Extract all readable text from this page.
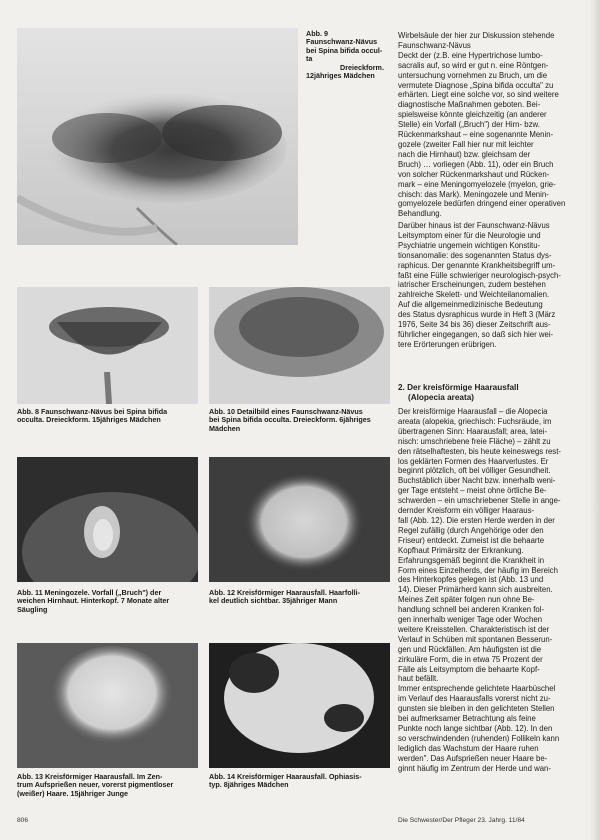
Abb. 9
Faunschwanz-Nävus
bei Spina bifida occul-
ta
Dreieckform.
12jähriges Mädchen
Abb. 8 Faunschwanz-Nävus bei Spina bifida
occulta. Dreieckform. 15jähriges Mädchen
Abb. 10 Detailbild eines Faunschwanz-Nävus
bei Spina bifida occulta. Dreieckform. 6jähriges
Mädchen
Abb. 11 Meningozele. Vorfall („Bruch") der
weichen Hirnhaut. Hinterkopf. 7 Monate alter
Säugling
Abb. 12 Kreisförmiger Haarausfall. Haarfolli-
kel deutlich sichtbar. 35jähriger Mann
Abb. 13 Kreisförmiger Haarausfall. Im Zen-
trum Aufsprießen neuer, vorerst pigmentloser
(weißer) Haare. 15jähriger Junge
Abb. 14 Kreisförmiger Haarausfall. Ophiasis-
typ. 8jähriges Mädchen
Wirbelsäule der hier zur Diskussion stehende
Faunschwanz-Nävus
Deckt der (z.B. eine Hypertrichose lumbo-
sacralis auf, so wird er gut n. eine Röntgen-
untersuchung vornehmen zu Bruch, um die
vermutete Diagnose „Spina bifida occulta" zu
erhärten. Liegt eine solche vor, so sind weitere
diagnostische Maßnahmen geboten. Bei-
spielsweise könnte gleichzeitig (an anderer
Stelle) ein Vorfall („Bruch") der Hirn- bzw.
Rückenmarkshaut – eine sogenannte Menin-
gozele (zweiter Fall hier nur mit leichter
nach die Hirnhaut) bzw. gleichsam der
Bruch) … vorliegen (Abb. 11), oder ein Bruch
von solcher Rückenmarkshaut und Rücken-
mark – eine Meningomyelozele (myelon, grie-
chisch: das Mark). Meningozele und Menin-
gomyelozele bedürfen dringend einer operativen
Behandlung.
Darüber hinaus ist der Faunschwanz-Nävus
Leitsymptom einer für die Neurologie und
Psychiatrie ungemein wichtigen Konstitu-
tionsanomalie: des sogenannten Status dys-
raphicus. Der genannte Krankheitsbegriff um-
faßt eine Fülle schwieriger neurologisch-psych-
iatrischer Erscheinungen, zudem bestehen
zahlreiche Skelett- und Weichteilanomalien.
Auf die allgemeinmedizinische Bedeutung
des Status dysraphicus wurde in Heft 3 (März
1976, Seite 34 bis 36) dieser Zeitschrift aus-
führlicher eingegangen, so daß sich hier wei-
tere Erörterungen erübrigen.
2. Der kreisförmige Haarausfall
(Alopecia areata)
Der kreisförmige Haarausfall – die Alopecia
areata (alopekia, griechisch: Fuchsräude, im
übertragenen Sinn: Haarausfall; area, latei-
nisch: umschriebene freie Fläche) – zählt zu
den rätselhaftesten, bis heute keineswegs rest-
los geklärten Formen des Haarverlustes. Er
beginnt plötzlich, oft bei völliger Gesundheit.
Buchstäblich über Nacht bzw. innerhalb weni-
ger Tage entsteht – meist ohne örtliche Be-
schwerden – ein umschriebener Stelle in ange-
dernder Kreisform ein völliger Haaraus-
fall (Abb. 12). Die ersten Herde werden in der
Regel zufällig (durch Angehörige oder den
Friseur) entdeckt. Zumeist ist die behaarte
Kopfhaut Primärsitz der Erkrankung.
Erfahrungsgemäß beginnt die Krankheit in
Form eines Einzelherds, der häufig im Bereich
des Hinterkopfes gelegen ist (Abb. 13 und
14). Dieser Primärherd kann sich ausbreiten.
Meines Zeit später folgen nun ohne Be-
handlung schnell bei anderen Kranken fol-
gen innerhalb weniger Tage oder Wochen
weitere Kreisstellen. Charakteristisch ist der
Verlauf in Schüben mit spontanen Besserun-
gen und Rückfällen. Am häufigsten ist die
zirkuläre Form, die in etwa 75 Prozent der
Fälle als Leitsymptom die behaarte Kopf-
haut befällt.
Immer entsprechende gelichtete Haarbüschel
im Verlauf des Haarausfalls vorerst nicht zu-
gunsten sie bleiben in den gelichteten Stellen
bei aufmerksamer Betrachtung als feine
Punkte noch lange sichtbar (Abb. 12). In den
so verschwindenden (ruhenden) Follikeln kann
lediglich das Wachstum der Haare ruhen
werden". Das Aufsprießen neuer Haare be-
ginnt häufig im Zentrum der Herde und wan-
806	Die Schwester/Der Pfleger 23. Jahrg. 11/84
